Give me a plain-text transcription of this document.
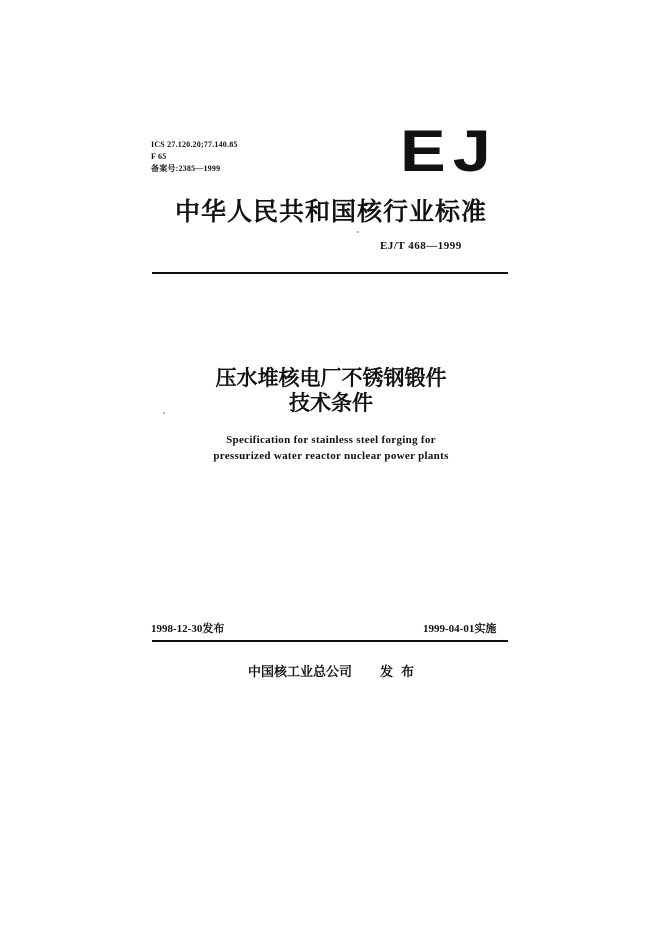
ICS 27.120.20;77.140.85
F 65
备案号:2385—1999	EJ
中华人民共和国核行业标准
EJ/T 468—1999
压水堆核电厂不锈钢锻件
技术条件
Specification for stainless steel forging for
pressurized water reactor nuclear power plants
1998-12-30发布	1999-04-01实施
中国核工业总公司 发布
